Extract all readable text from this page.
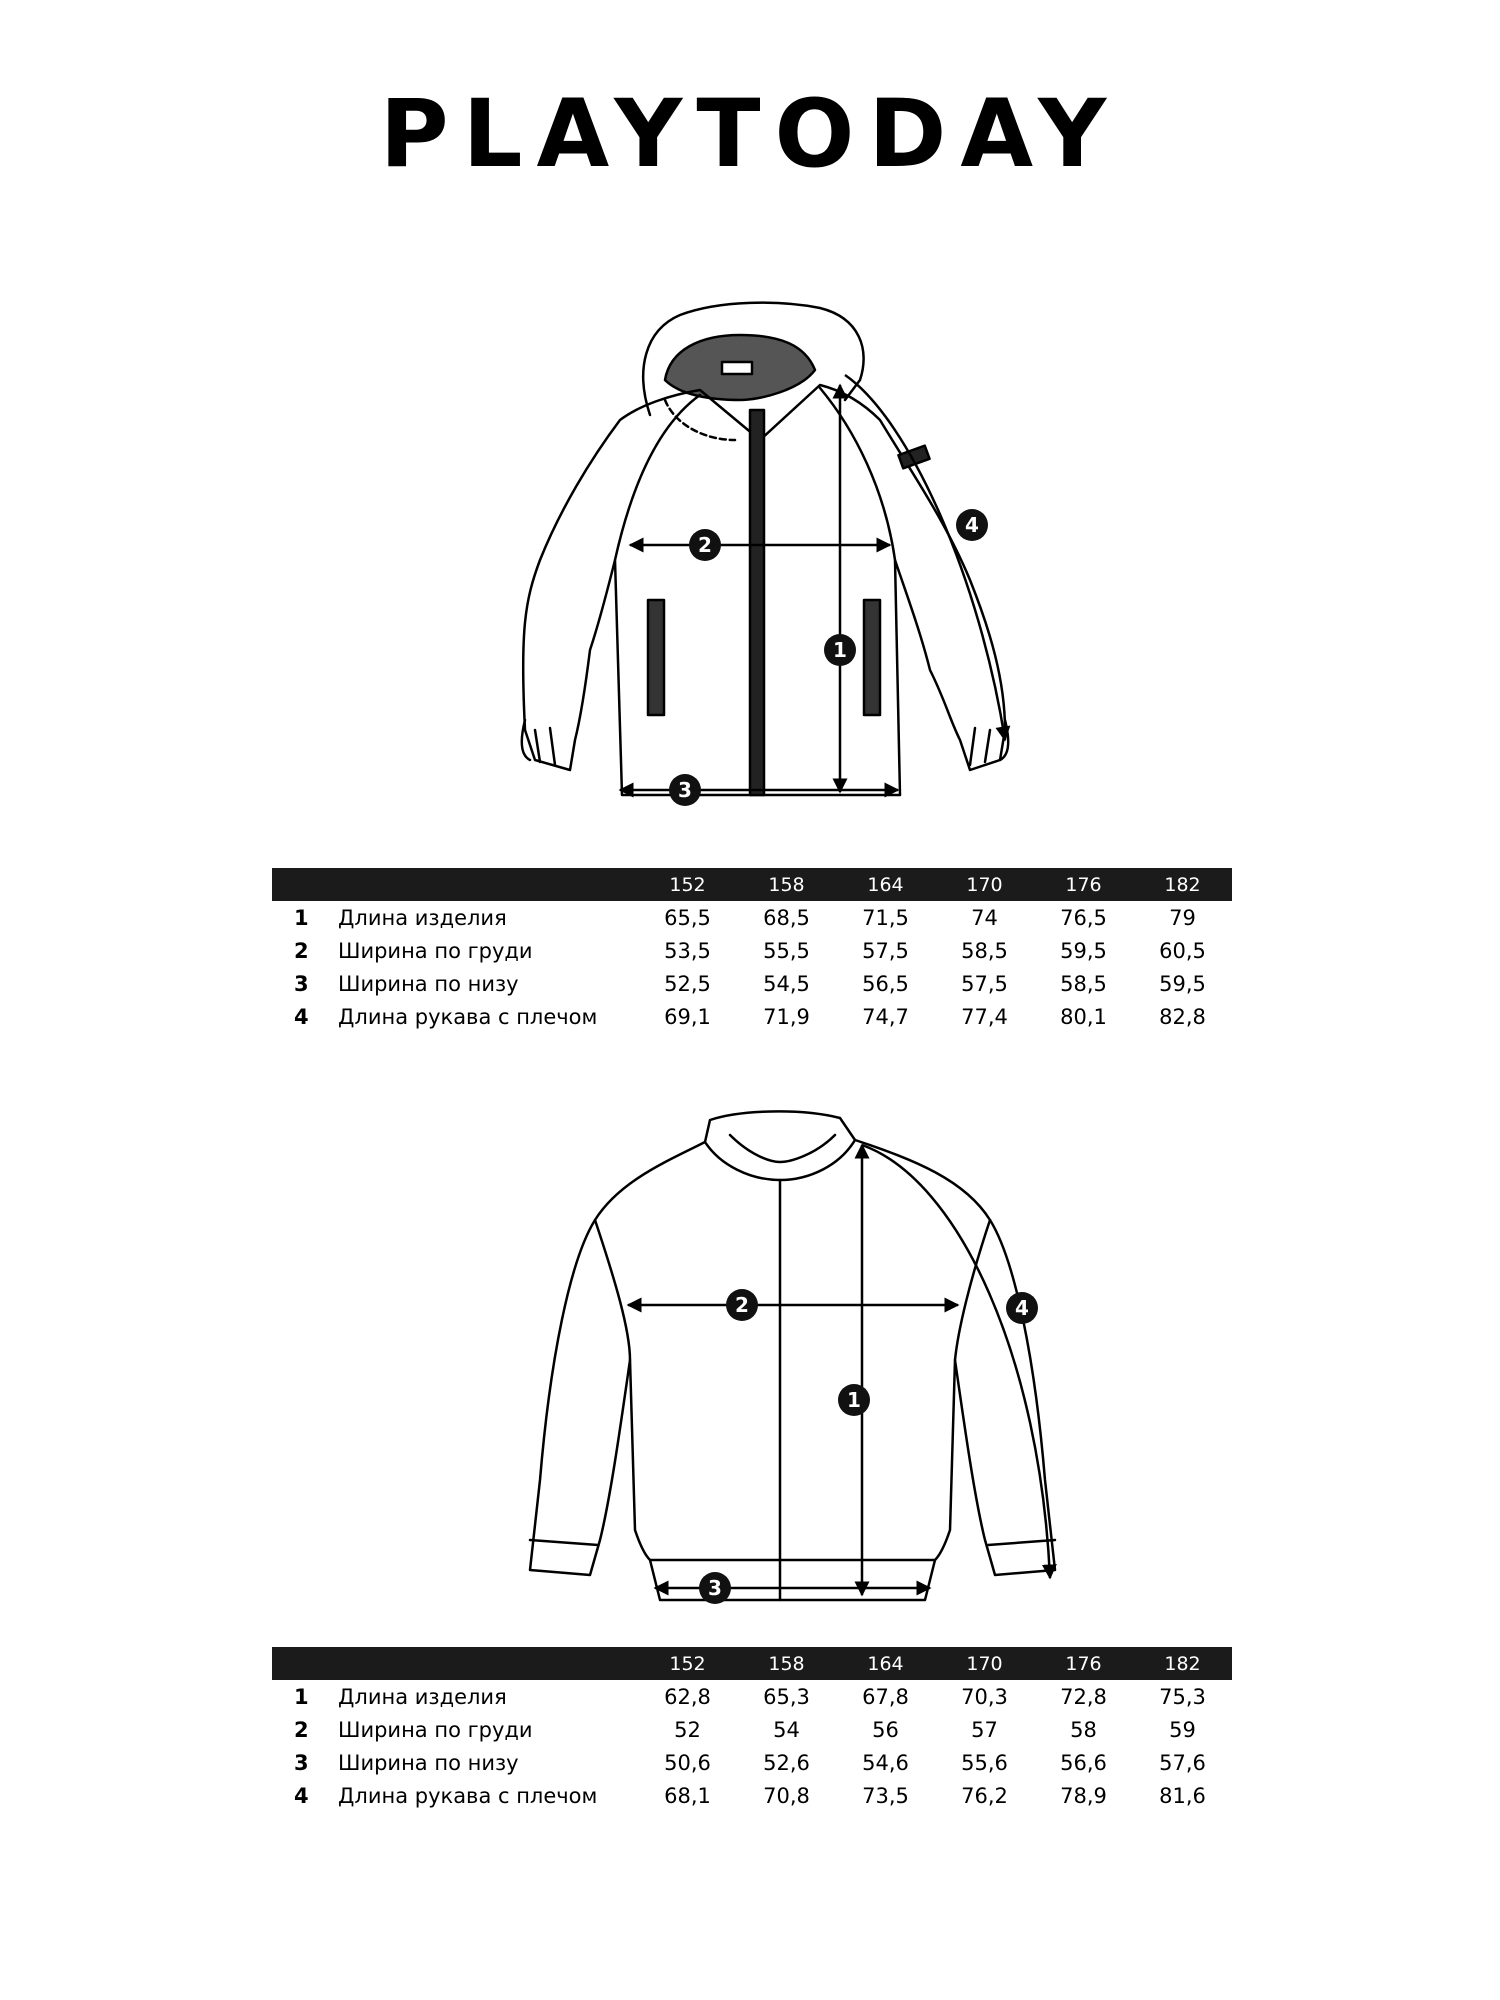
PLAYTODAY
2
1
3
4
		152	158	164	170	176	182
1	Длина изделия	65,5	68,5	71,5	74	76,5	79
2	Ширина по груди	53,5	55,5	57,5	58,5	59,5	60,5
3	Ширина по низу	52,5	54,5	56,5	57,5	58,5	59,5
4	Длина рукава с плечом	69,1	71,9	74,7	77,4	80,1	82,8
2
1
3
4
		152	158	164	170	176	182
1	Длина изделия	62,8	65,3	67,8	70,3	72,8	75,3
2	Ширина по груди	52	54	56	57	58	59
3	Ширина по низу	50,6	52,6	54,6	55,6	56,6	57,6
4	Длина рукава с плечом	68,1	70,8	73,5	76,2	78,9	81,6
